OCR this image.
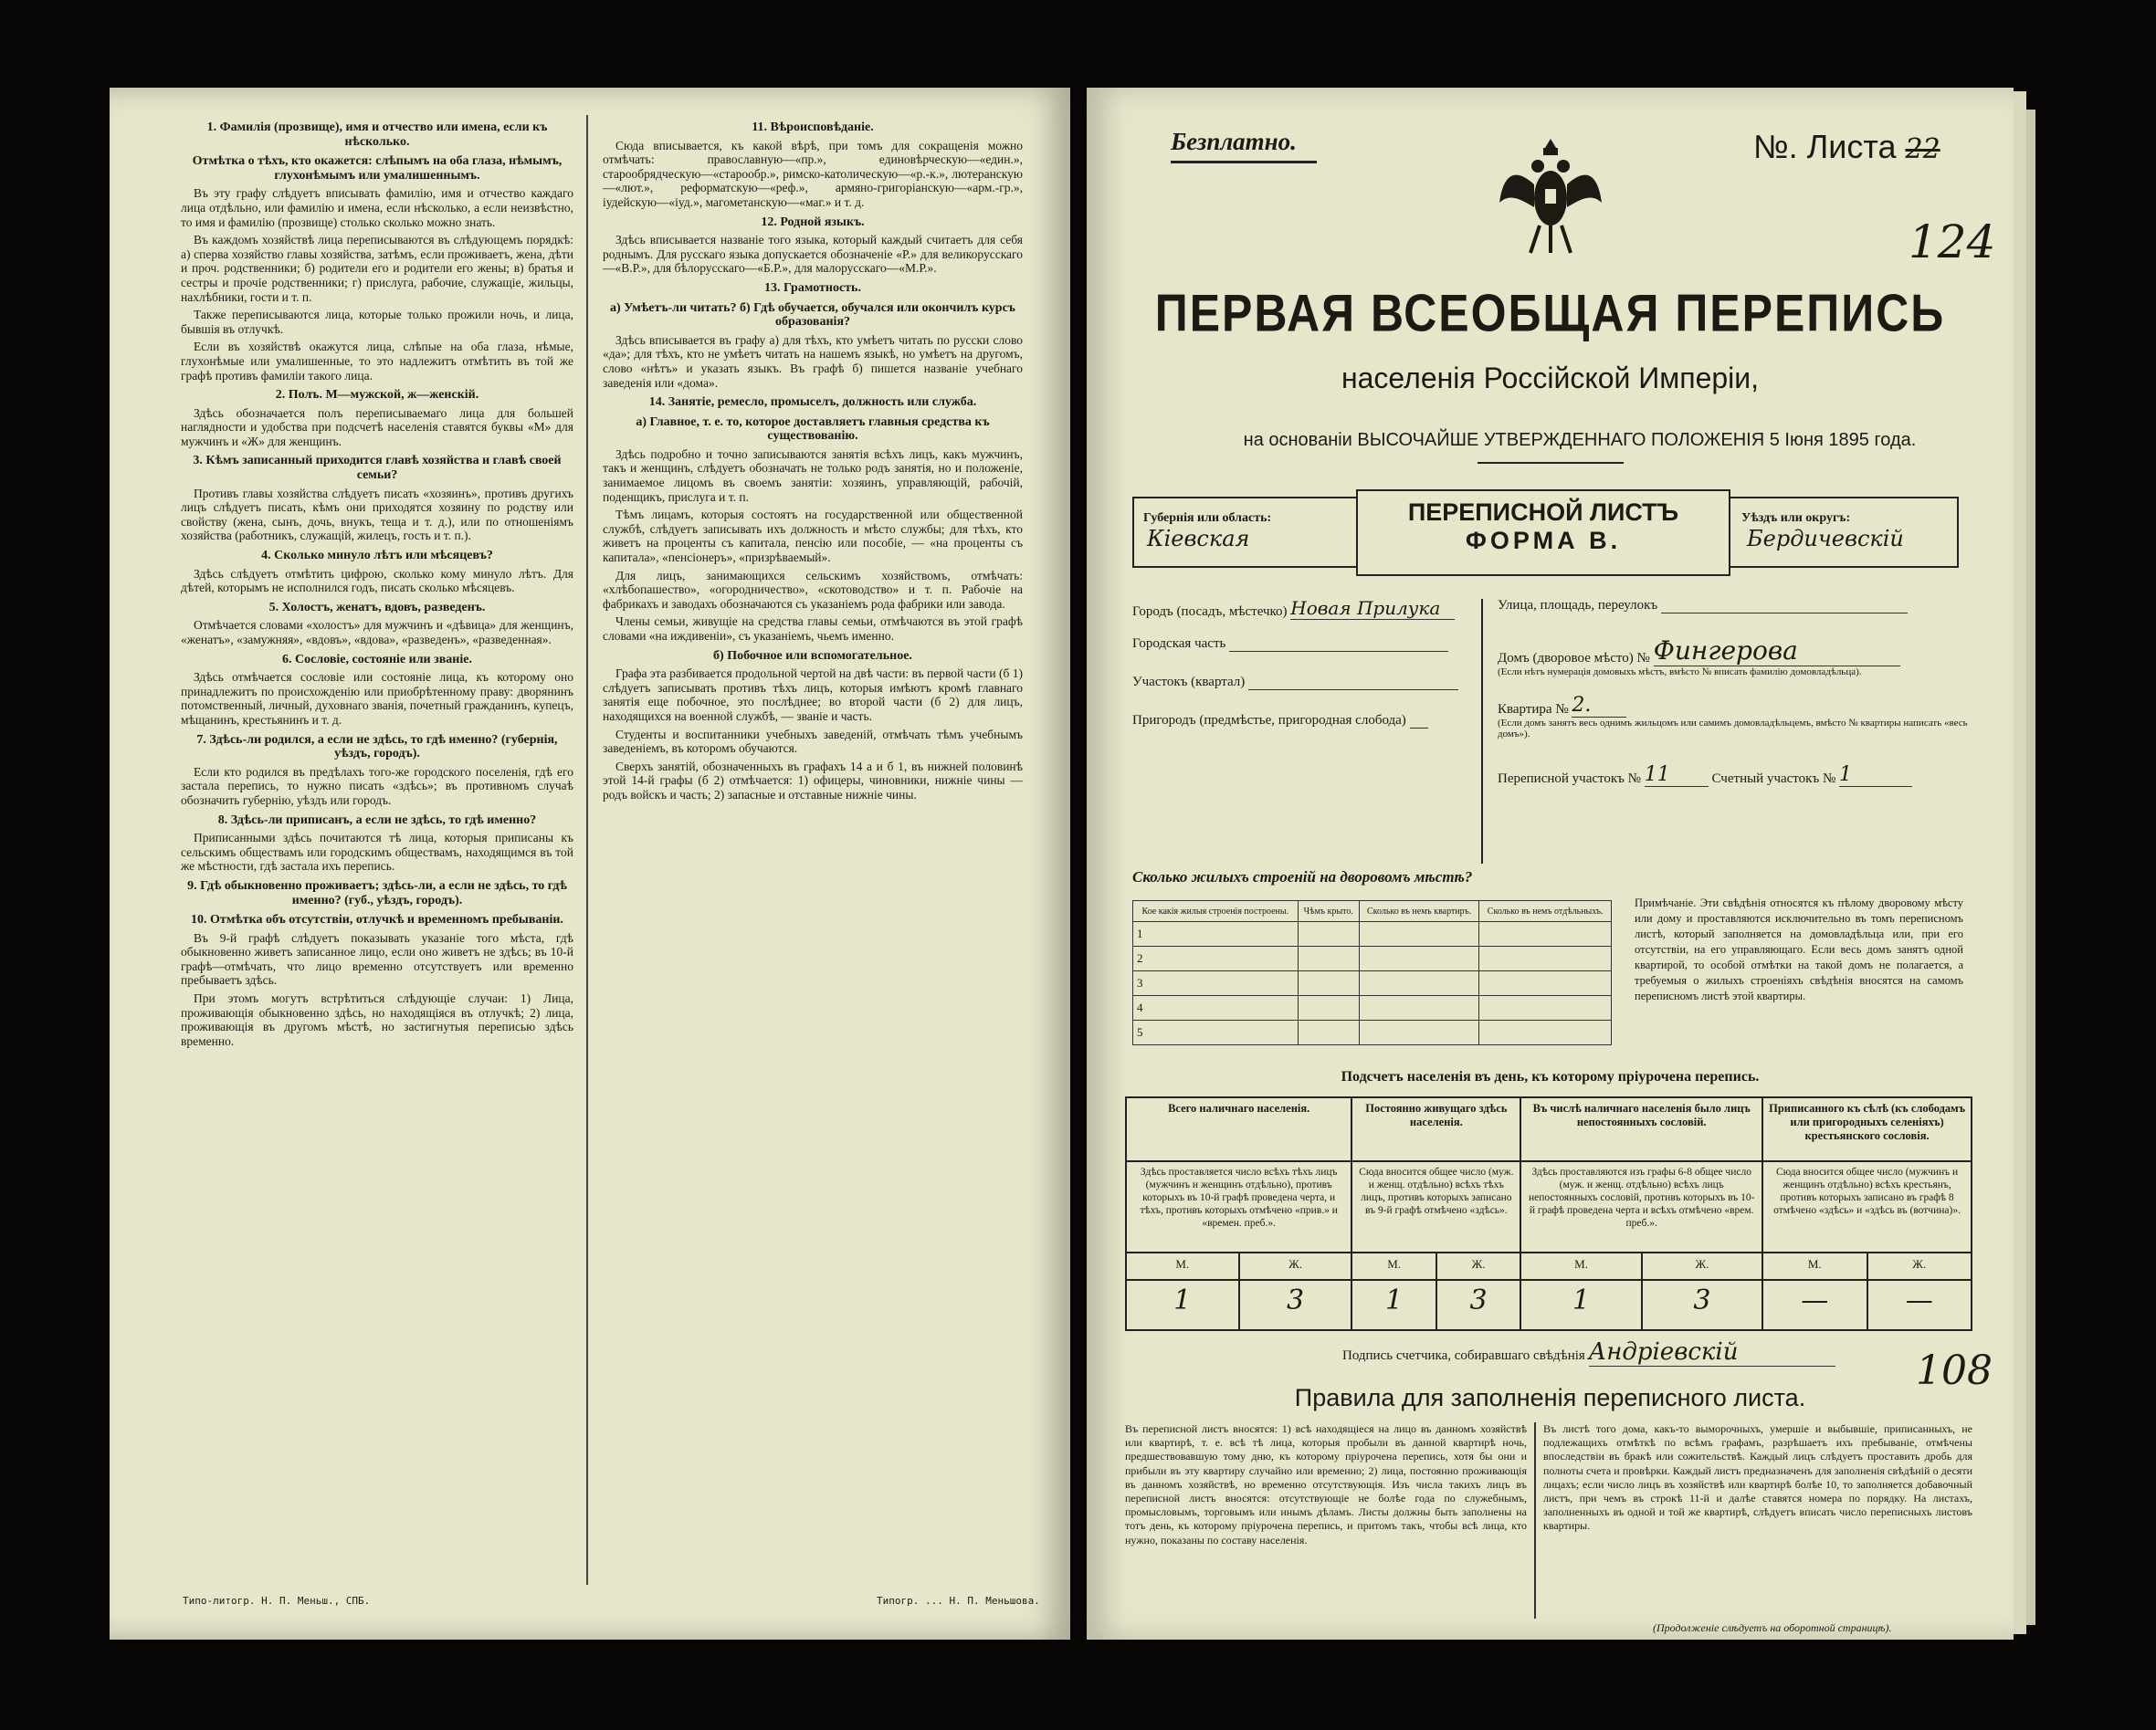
1. Фамилія (прозвище), имя и отчество или именa, если къ нѣсколько.
Отмѣтка о тѣхъ, кто окажется: слѣпымъ на оба глаза, нѣмымъ, глухонѣмымъ или умалишеннымъ.

Въ эту графу слѣдуетъ вписывать фамилію, имя и отчество каждаго лица отдѣльно, или фамилію и имена, если нѣсколько, а если неизвѣстно, то имя и фамилію (прозвище) столько сколько можно знать.

Въ каждомъ хозяйствѣ лица переписываются въ слѣдующемъ порядкѣ: а) сперва хозяйство главы хозяйства, затѣмъ, если проживаетъ, жена, дѣти и проч. родственники; б) родители его и родители его жены; в) братья и сестры и прочіе родственники; г) прислуга, рабочие, служащіе, жильцы, нахлѣбники, гости и т. п.

Также переписываются лица, которые только прожили ночь, и лица, бывшія въ отлучкѣ.

Если въ хозяйствѣ окажутся лица, слѣпые на оба глаза, нѣмые, глухонѣмые или умалишенные, то это надлежитъ отмѣтить въ той же графѣ противъ фамиліи такого лица.

2. Полъ. М—мужской, ж—женскій.

Здѣсь обозначается полъ переписываемаго лица для большей наглядности и удобства при подсчетѣ населенія ставятся буквы «М» для мужчинъ и «Ж» для женщинъ.

3. Кѣмъ записанный приходится главѣ хозяйства и главѣ своей семьи?

Противъ главы хозяйства слѣдуетъ писать «хозяинъ», противъ другихъ лицъ слѣдуетъ писать, кѣмъ они приходятся хозяину по родству или свойству (жена, сынъ, дочь, внукъ, теща и т. д.), или по отношеніямъ хозяйства (работникъ, служащій, жилецъ, гость и т. п.).

4. Сколько минуло лѣтъ или мѣсяцевъ?

Здѣсь слѣдуетъ отмѣтить цифрою, сколько кому минуло лѣтъ. Для дѣтей, которымъ не исполнился годъ, писать сколько мѣсяцевъ.

5. Холостъ, женатъ, вдовъ, разведенъ.

Отмѣчается словами «холостъ» для мужчинъ и «дѣвица» для женщинъ, «женатъ», «замужняя», «вдовъ», «вдова», «разведенъ», «разведенная».

6. Сословіе, состояніе или званіе.

Здѣсь отмѣчается сословіе или состояніе лица, къ которому оно принадлежитъ по происхожденію или приобрѣтенному праву: дворянинъ потомственный, личный, духовнаго званія, почетный гражданинъ, купецъ, мѣщанинъ, крестьянинъ и т. д.

7. Здѣсь-ли родился, а если не здѣсь, то гдѣ именно? (губернія, уѣздъ, городъ).

Если кто родился въ предѣлахъ того-же городского поселенія, гдѣ его застала перепись, то нужно писать «здѣсь»; въ противномъ случаѣ обозначить губернію, уѣздъ или городъ.

8. Здѣсь-ли приписанъ, а если не здѣсь, то гдѣ именно?

Приписанными здѣсь почитаются тѣ лица, которыя приписаны къ сельскимъ обществамъ или городскимъ обществамъ, находящимся въ той же мѣстности, гдѣ застала ихъ перепись.

9. Гдѣ обыкновенно проживаетъ; здѣсь-ли, а если не здѣсь, то гдѣ именно? (губ., уѣздъ, городъ).
10. Отмѣтка объ отсутствіи, отлучкѣ и временномъ пребываніи.

Въ 9-й графѣ слѣдуетъ показывать указаніе того мѣста, гдѣ обыкновенно живетъ записанное лицо, если оно живетъ не здѣсь; въ 10-й графѣ—отмѣчать, что лицо временно отсутствуетъ или временно пребываетъ здѣсь.

При этомъ могутъ встрѣтиться слѣдующіе случаи: 1) Лица, проживающія обыкновенно здѣсь, но находящіяся въ отлучкѣ; 2) лица, проживающія въ другомъ мѣстѣ, но застигнутыя переписью здѣсь временно.

11. Вѣроисповѣданіе.

Сюда вписывается, къ какой вѣрѣ, при томъ для сокращенія можно отмѣчать: православную—«пр.», единовѣрческую—«един.», старообрядческую—«старообр.», римско-католическую—«р.-к.», лютеранскую—«лют.», реформатскую—«реф.», армяно-григоріанскую—«арм.-гр.», іудейскую—«іуд.», магометанскую—«маг.» и т. д.

12. Родной языкъ.

Здѣсь вписывается названіе того языка, который каждый считаетъ для себя роднымъ. Для русскаго языка допускается обозначеніе «Р.» для великорусскаго—«В.Р.», для бѣлорусскаго—«Б.Р.», для малорусскаго—«М.Р.».

13. Грамотность.
а) Умѣетъ-ли читать? б) Гдѣ обучается, обучался или окончилъ курсъ образованія?

Здѣсь вписывается въ графу а) для тѣхъ, кто умѣетъ читать по русски слово «да»; для тѣхъ, кто не умѣетъ читать на нашемъ языкѣ, но умѣетъ на другомъ, слово «нѣтъ» и указать языкъ. Въ графѣ б) пишется названіе учебнаго заведенія или «дома».

14. Занятіе, ремесло, промыселъ, должность или служба.
а) Главное, т. е. то, которое доставляетъ главныя средства къ существованію.

Здѣсь подробно и точно записываются занятія всѣхъ лицъ, какъ мужчинъ, такъ и женщинъ, слѣдуетъ обозначать не только родъ занятія, но и положеніе, занимаемое лицомъ въ своемъ занятіи: хозяинъ, управляющій, рабочій, поденщикъ, прислуга и т. п.

Тѣмъ лицамъ, которыя состоятъ на государственной или общественной службѣ, слѣдуетъ записывать ихъ должность и мѣсто службы; для тѣхъ, кто живетъ на проценты съ капитала, пенсію или пособіе, — «на проценты съ капитала», «пенсіонеръ», «призрѣваемый».

Для лицъ, занимающихся сельскимъ хозяйствомъ, отмѣчать: «хлѣбопашество», «огородничество», «скотоводство» и т. п. Рабочіе на фабрикахъ и заводахъ обозначаются съ указаніемъ рода фабрики или завода.

Члены семьи, живущіе на средства главы семьи, отмѣчаются въ этой графѣ словами «на иждивеніи», съ указаніемъ, чьемъ именно.

б) Побочное или вспомогательное.

Графа эта разбивается продольной чертой на двѣ части: въ первой части (б 1) слѣдуетъ записывать противъ тѣхъ лицъ, которыя имѣютъ кромѣ главнаго занятія еще побочное, это послѣднее; во второй части (б 2) для лицъ, находящихся на военной службѣ, — званіе и часть.

Студенты и воспитанники учебныхъ заведеній, отмѣчать тѣмъ учебнымъ заведеніемъ, въ которомъ обучаются.

Сверхъ занятій, обозначенныхъ въ графахъ 14 а и б 1, въ нижней половинѣ этой 14-й графы (б 2) отмѣчается: 1) офицеры, чиновники, нижніе чины — родъ войскъ и часть; 2) запасные и отставные нижніе чины.

Типо-литогр. Н. П. Меньш., СПБ.	Типогр. ... Н. П. Меньшова.
Безплатно.	№. Листа 22
124
ПЕРВАЯ ВСЕОБЩАЯ ПЕРЕПИСЬ
населенія Россійской Имперіи,
на основаніи ВЫСОЧАЙШЕ УТВЕРЖДЕННАГО ПОЛОЖЕНІЯ 5 Іюня 1895 года.
Губернія или область:
Кіевская
ПЕРЕПИСНОЙ ЛИСТЪ
ФОРМА В.
Уѣздъ или округъ:
Бердичевскій
Городъ (посадъ, мѣстечко) Новая Прилука
Городская часть
Участокъ (квартал)
Пригородъ (предмѣстье, пригородная слобода)
Улица, площадь, переулокъ
Домъ (дворовое мѣсто) № Фингерова
(Если нѣтъ нумерація домовыхъ мѣстъ, вмѣсто № вписать фамилію домовладѣльца).
Квартира № 2.
(Если домъ занятъ весь однимъ жильцомъ или самимъ домовладѣльцемъ, вмѣсто № квартиры написать «весь домъ»).
Переписной участокъ № 11	Счетный участокъ № 1
Сколько жилыхъ строеній на дворовомъ мѣстѣ?
Кое какія жилыя строенія построены.	Чѣмъ крыто.	Сколько въ немъ квартиръ.	Сколько въ немъ отдѣльныхъ.
1			
2			
3			
4			
5			
Примѣчаніе. Эти свѣдѣнія относятся къ пѣлому дворовому мѣсту или дому и проставляются исключительно въ томъ переписномъ листѣ, который заполняется на домовладѣльца или, при его отсутствіи, на его управляющаго. Если весь домъ занятъ одной квартирой, то особой отмѣтки на такой домъ не полагается, а требуемыя о жилыхъ строеніяхъ свѣдѣнія вносятся на самомъ переписномъ листѣ этой квартиры.
Подсчетъ населенія въ день, къ которому пріурочена перепись.
Всего наличнаго населенія.		Постоянно живущаго здѣсь населенія.		Въ числѣ наличнаго населенія было лицъ непостоянныхъ сословій.		Приписанного къ сѣлѣ (къ слободамъ или пригородныхъ селеніяхъ) крестьянского сословія.	
Здѣсь проставляется число всѣхъ тѣхъ лицъ (мужчинъ и женщинъ отдѣльно), противъ которыхъ въ 10-й графѣ проведена черта, и тѣхъ, противъ которыхъ отмѣчено «прив.» и «времен. преб.».		Сюда вносится общее число (муж. и женщ. отдѣльно) всѣхъ тѣхъ лицъ, противъ которыхъ записано въ 9-й графѣ отмѣчено «здѣсь».		Здѣсь проставляются изъ графы 6-8 общее число (муж. и женщ. отдѣльно) всѣхъ лицъ непостоянныхъ сословій, противъ которыхъ въ 10-й графѣ проведена черта и всѣхъ отмѣчено «врем. преб.».		Сюда вносится общее число (мужчинъ и женщинъ отдѣльно) всѣхъ крестьянъ, противъ которыхъ записано въ графѣ 8 отмѣчено «здѣсь» и «здѣсь въ (вотчина)».	
М.	Ж.	М.	Ж.	М.	Ж.	М.	Ж.
1	3	1	3	1	3	—	—
Подпись счетчика, собиравшаго свѣдѣнія Андріевскій	108
Правила для заполненія переписного листа.
Въ переписной листъ вносятся: 1) всѣ находящіеся на лицо въ данномъ хозяйствѣ или квартирѣ, т. е. всѣ тѣ лица, которыя пробыли въ данной квартирѣ ночь, предшествовавшую тому дню, къ которому пріурочена перепись, хотя бы они и прибыли въ эту квартиру случайно или временно; 2) лица, постоянно проживающія въ данномъ хозяйствѣ, но временно отсутствующія. Изъ числа такихъ лицъ въ переписной листъ вносятся: отсутствующіе не болѣе года по служебнымъ, промысловымъ, торговымъ или инымъ дѣламъ. Листы должны быть заполнены на тотъ день, къ которому пріурочена перепись, и притомъ такъ, чтобы всѣ лица, кто нужно, показаны по составу населенія.
Въ листѣ того дома, какъ-то выморочныхъ, умершіе и выбывшіе, приписанныхъ, не подлежащихъ отмѣткѣ по всѣмъ графамъ, разрѣшаетъ ихъ пребываніе, отмѣчены впоследствіи въ бракѣ или сожительствѣ. Каждый лицъ слѣдуетъ проставить дробь для полноты счета и провѣрки. Каждый листъ предназначенъ для заполненія свѣдѣній о десяти лицахъ; если число лицъ въ хозяйствѣ или квартирѣ болѣе 10, то заполняется добавочный листъ, при чемъ въ строкѣ 11-й и далѣе ставятся номера по порядку. На листахъ, заполненныхъ въ одной и той же квартирѣ, слѣдуетъ вписать число переписныхъ листовъ квартиры.
(Продолженіе слѣдуетъ на оборотной страницѣ).
